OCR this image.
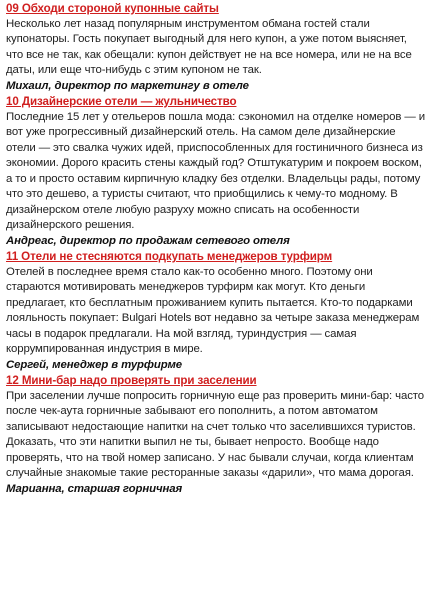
09 Обходи стороной купонные сайты

Несколько лет назад популярным инструментом обмана гостей стали купонаторы. Гость покупает выгодный для него купон, а уже потом выясняет, что все не так, как обещали: купон действует не на все номера, или не на все даты, или еще что-нибудь с этим купоном не так.

Михаил, директор по маркетингу в отеле
10 Дизайнерские отели — жульничество

Последние 15 лет у отельеров пошла мода: сэкономил на отделке номеров — и вот уже прогрессивный дизайнерский отель. На самом деле дизайнерские отели — это свалка чужих идей, приспособленных для гостиничного бизнеса из экономии. Дорого красить стены каждый год? Отштукатурим и покроем воском, а то и просто оставим кирпичную кладку без отделки. Владельцы рады, потому что это дешево, а туристы считают, что приобщились к чему-то модному. В дизайнерском отеле любую разруху можно списать на особенности дизайнерского решения.

Андреас, директор по продажам сетевого отеля
11 Отели не стесняются подкупать менеджеров турфирм

Отелей в последнее время стало как-то особенно много. Поэтому они стараются мотивировать менеджеров турфирм как могут. Кто деньги предлагает, кто бесплатным проживанием купить пытается. Кто-то подарками лояльность покупает: Bulgari Hotels вот недавно за четыре заказа менеджерам часы в подарок предлагали. На мой взгляд, туриндустрия — самая коррумпированная индустрия в мире.

Сергей, менеджер в турфирме
12 Мини-бар надо проверять при заселении

При заселении лучше попросить горничную еще раз проверить мини-бар: часто после чек-аута горничные забывают его пополнить, а потом автоматом записывают недостающие напитки на счет только что заселившихся туристов. Доказать, что эти напитки выпил не ты, бывает непросто. Вообще надо проверять, что на твой номер записано. У нас бывали случаи, когда клиентам случайные знакомые такие ресторанные заказы «дарили», что мама дорогая.

Марианна, старшая горничная
